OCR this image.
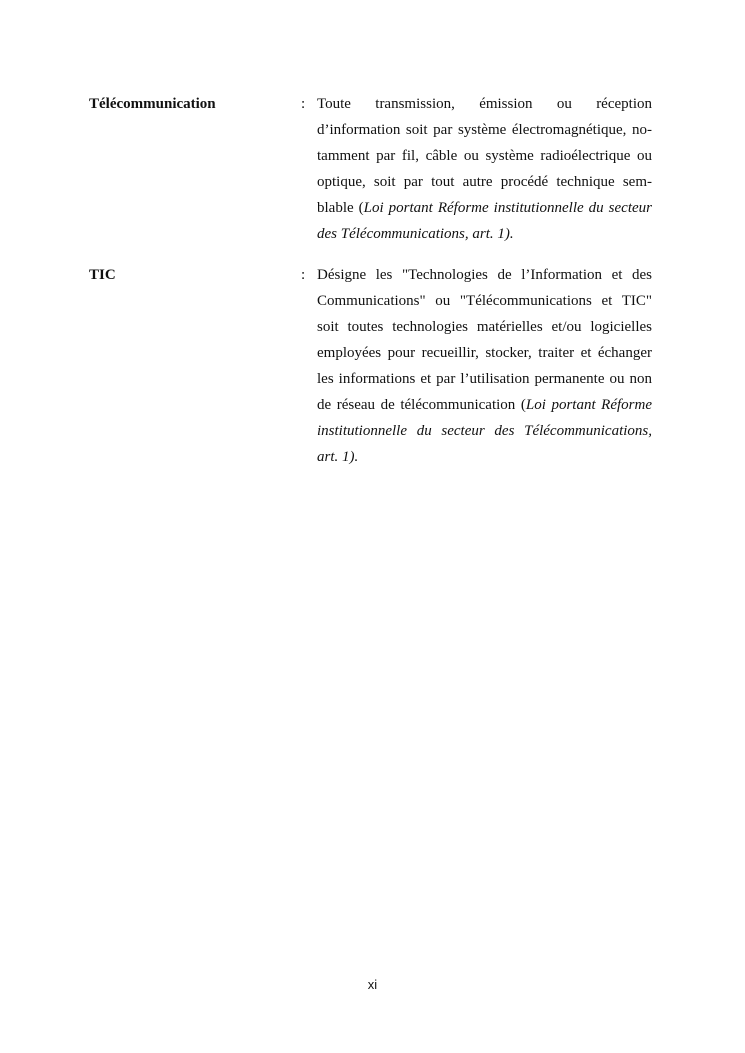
Télécommunication	: Toute transmission, émission ou réception d’information soit par système électromagnétique, notamment par fil, câble ou système radioélectrique ou optique, soit par tout autre procédé technique semblable (Loi portant Réforme institutionnelle du secteur des Télécommunications, art. 1).
TIC	: Désigne les "Technologies de l’Information et des Communications" ou "Télécommunications et TIC" soit toutes technologies matérielles et/ou logicielles employées pour recueillir, stocker, traiter et échanger les informations et par l’utilisation permanente ou non de réseau de télécommunication (Loi portant Réforme institutionnelle du secteur des Télécommunications, art. 1).
xi
